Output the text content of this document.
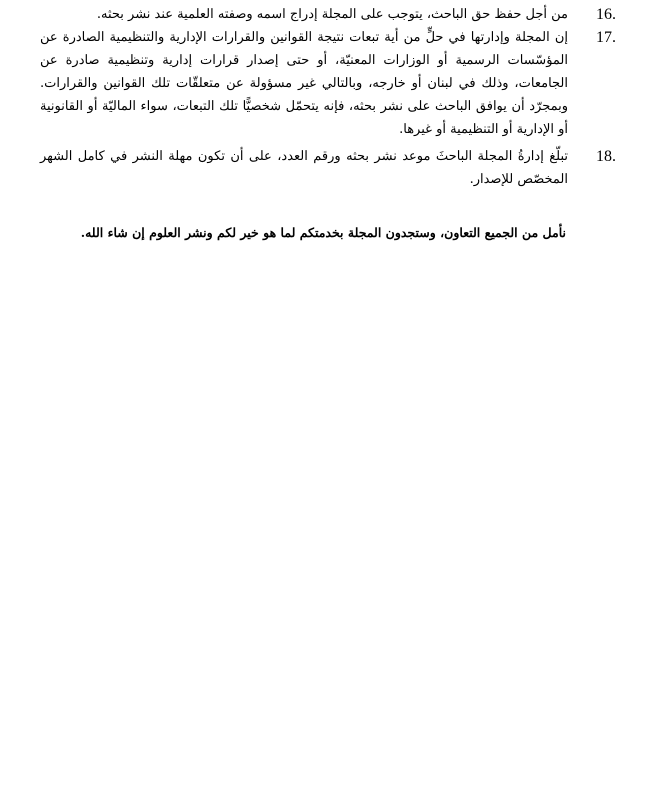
16.
من أجل حفظ حق الباحث، يتوجب على المجلة إدراج اسمه وصفته العلمية عند نشر بحثه.
17.
إن المجلة وإدارتها في حلٍّ من أية تبعات نتيجة القوانين والقرارات الإدارية والتنظيمية الصادرة عن المؤسّسات الرسمية أو الوزارات المعنيّة، أو حتى إصدار قرارات إدارية وتنظيمية صادرة عن الجامعات، وذلك في لبنان أو خارجه، وبالتالي غير مسؤولة عن متعلقّات تلك القوانين والقرارات. وبمجرّد أن يوافق الباحث على نشر بحثه، فإنه يتحمّل شخصيًّا تلك التبعات، سواء الماليّة أو القانونية أو الإدارية أو التنظيمية أو غيرها.
18.
تبلّغ إدارةُ المجلة الباحثَ موعد نشر بحثه ورقم العدد، على أن تكون مهلة النشر في كامل الشهر المخصّص للإصدار.
نأمل من الجميع التعاون، وستجدون المجلة بخدمتكم لما هو خير لكم ونشر العلوم إن شاء الله.
